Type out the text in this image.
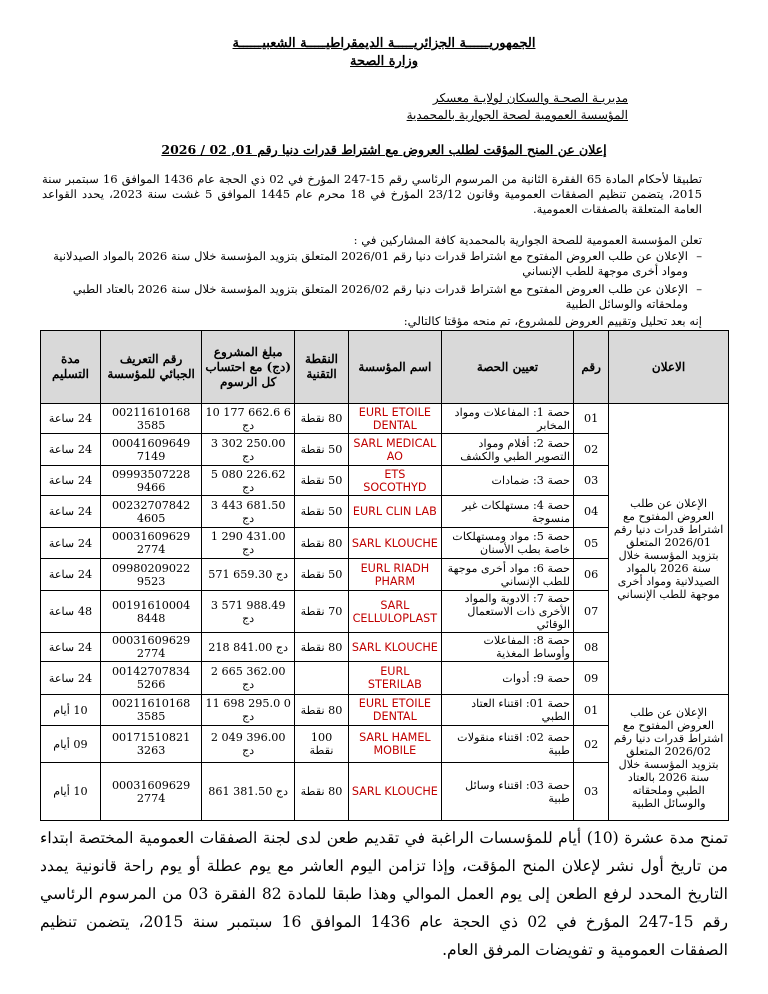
الجمهوريــــــة الجزائريـــــة الديمقراطيـــــة الشعبيــــــة
وزارة الصحة
مديريـة الصحـة والسكان لولايـة معسكر
المؤسسة العمومية لصحة الجوارية بالمحمدية
إعلان عن المنح المؤقت لطلب العروض مع اشتراط قدرات دنيا رقم 01, 02 / 2026
تطبيقا لأحكام المادة 65 الفقرة الثانية من المرسوم الرئاسي رقم 15-247 المؤرخ في 02 ذي الحجة عام 1436 الموافق 16 سبتمبر سنة 2015، يتضمن تنظيم الصفقات العمومية وقانون 23/12 المؤرخ في 18 محرم عام 1445 الموافق 5 غشت سنة 2023، يحدد القواعد العامة المتعلقة بالصفقات العمومية.
تعلن المؤسسة العمومية للصحة الجوارية بالمحمدية كافة المشاركين في :
–
الإعلان عن طلب العروض المفتوح مع اشتراط قدرات دنيا رقم 2026/01 المتعلق بتزويد المؤسسة خلال سنة 2026 بالمواد الصيدلانية ومواد أخرى موجهة للطب الإنساني
–
الإعلان عن طلب العروض المفتوح مع اشتراط قدرات دنيا رقم 2026/02 المتعلق بتزويد المؤسسة خلال سنة 2026 بالعتاد الطبي وملحقاته والوسائل الطبية
إنه بعد تحليل وتقييم العروض للمشروع، تم منحه مؤقتا كالتالي:
الاعلان	رقم	تعيين الحصة	اسم المؤسسة	النقطة التقنية	مبلغ المشروع (دج) مع احتساب كل الرسوم	رقم التعريف الجبائي للمؤسسة	مدة التسليم
الإعلان عن طلب العروض المفتوح مع اشتراط قدرات دنيا رقم 2026/01 المتعلق بتزويد المؤسسة خلال سنة 2026 بالمواد الصيدلانية ومواد أخرى موجهة للطب الإنساني	01	حصة 1: المفاعلات ومواد المخابر	EURL ETOILE DENTAL	80 نقطة	10 177 662.6 6 دج	00211610168 3585	24 ساعة
	02	حصة 2: أفلام ومواد التصوير الطبي والكشف	SARL MEDICAL AO	50 نقطة	3 302 250.00 دج	00041609649 7149	24 ساعة
	03	حصة 3: ضمادات	ETS SOCOTHYD	50 نقطة	5 080 226.62 دج	09993507228 9466	24 ساعة
	04	حصة 4: مستهلكات غير منسوجة	EURL CLIN LAB	50 نقطة	3 443 681.50 دج	00232707842 4605	24 ساعة
	05	حصة 5: مواد ومستهلكات خاصة بطب الأسنان	SARL KLOUCHE	80 نقطة	1 290 431.00 دج	00031609629 2774	24 ساعة
	06	حصة 6: مواد أخرى موجهة للطب الإنساني	EURL RIADH PHARM	50 نقطة	571 659.30 دج	09980209022 9523	24 ساعة
	07	حصة 7: الادوية والمواد الأخرى ذات الاستعمال الوقائي	SARL CELLULOPLAST	70 نقطة	3 571 988.49 دج	00191610004 8448	48 ساعة
	08	حصة 8: المفاعلات وأوساط المغذية	SARL KLOUCHE	80 نقطة	218 841.00 دج	00031609629 2774	24 ساعة
	09	حصة 9: أدوات	EURL STERILAB		2 665 362.00 دج	00142707834 5266	24 ساعة
الإعلان عن طلب العروض المفتوح مع اشتراط قدرات دنيا رقم 2026/02 المتعلق بتزويد المؤسسة خلال سنة 2026 بالعتاد الطبي وملحقاته والوسائل الطبية	01	حصة 01: اقتناء العتاد الطبي	EURL ETOILE DENTAL	80 نقطة	11 698 295.0 0 دج	00211610168 3585	10 أيام
	02	حصة 02: اقتناء منقولات طبية	SARL HAMEL MOBILE	100 نقطة	2 049 396.00 دج	00171510821 3263	09 أيام
	03	حصة 03: اقتناء وسائل طبية	SARL KLOUCHE	80 نقطة	861 381.50 دج	00031609629 2774	10 أيام
تمنح مدة عشرة (10) أيام للمؤسسات الراغبة في تقديم طعن لدى لجنة الصفقات العمومية المختصة ابتداء من تاريخ أول نشر لإعلان المنح المؤقت، وإذا تزامن اليوم العاشر مع يوم عطلة أو يوم راحة قانونية يمدد التاريخ المحدد لرفع الطعن إلى يوم العمل الموالي وهذا طبقا للمادة 82 الفقرة 03 من المرسوم الرئاسي رقم 15-247 المؤرخ في 02 ذي الحجة عام 1436 الموافق 16 سبتمبر سنة 2015، يتضمن تنظيم الصفقات العمومية و تفويضات المرفق العام.
